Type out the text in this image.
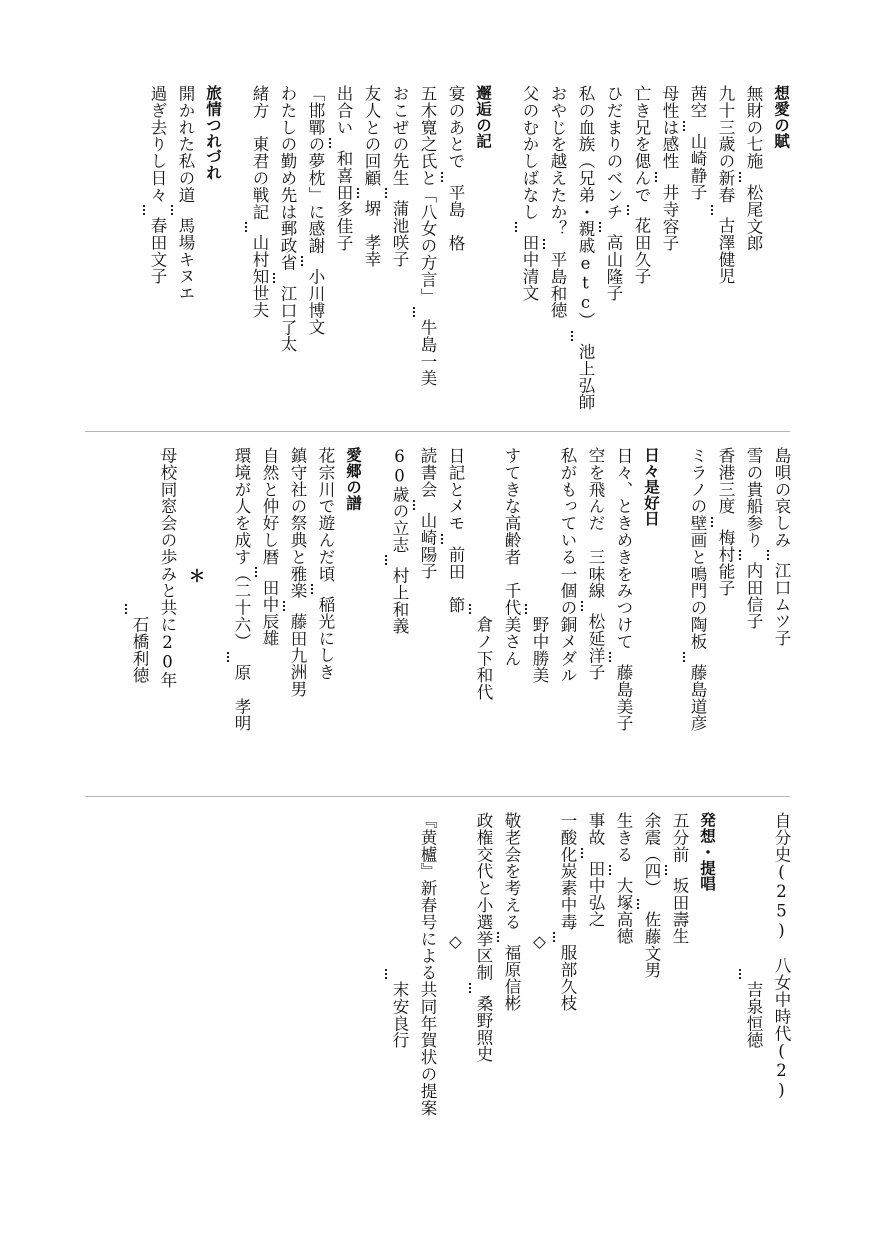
想愛の賦
無財の七施
松尾文郎
九十三歳の新春
古澤健児
茜空
山崎静子
母性は感性
井寺容子
亡き兄を偲んで
花田久子
ひだまりのベンチ
高山隆子
私の血族（兄弟・親戚etc）
池上弘師
おやじを越えたか？
平島和徳
父のむかしばなし
田中清文
邂逅の記
宴のあとで
平島　格
五木寛之氏と「八女の方言」
牛島一美
おこぜの先生
蒲池咲子
友人との回顧
堺　孝幸
出合い
和喜田多佳子
「邯鄲の夢枕」に感謝
小川博文
わたしの勤め先は郵政省
江口了太
緒方　東君の戦記
山村知世夫
旅情つれづれ
開かれた私の道
馬場キヌエ
過ぎ去りし日々
春田文子
島唄の哀しみ
江口ムツ子
雪の貴船参り
内田信子
香港三度
梅村能子
ミラノの壁画と鳴門の陶板
藤島道彦
日々是好日
日々、ときめきをみつけて
藤島美子
空を飛んだ　三味線
松延洋子
私がもっている一個の銅メダル
野中勝美
すてきな高齢者　千代美さん
倉ノ下和代
日記とメモ
前田　節
読書会
山崎陽子
60歳の立志
村上和義
愛郷の譜
花宗川で遊んだ頃
稲光にしき
鎮守社の祭典と雅楽
藤田九洲男
自然と仲好し暦
田中辰雄
環境が人を成す（二十六）
原　孝明
＊
母校同窓会の歩みと共に20年
石橋利徳
自分史(25)　八女中時代(2)
吉泉恒徳
発想・提唱
五分前
坂田壽生
余震（四）
佐藤文男
生きる
大塚高徳
事故
田中弘之
一酸化炭素中毒
服部久枝
◇
敬老会を考える
福原信彬
政権交代と小選挙区制
桑野照史
◇
『黄櫨』新春号による共同年賀状の提案
末安良行
